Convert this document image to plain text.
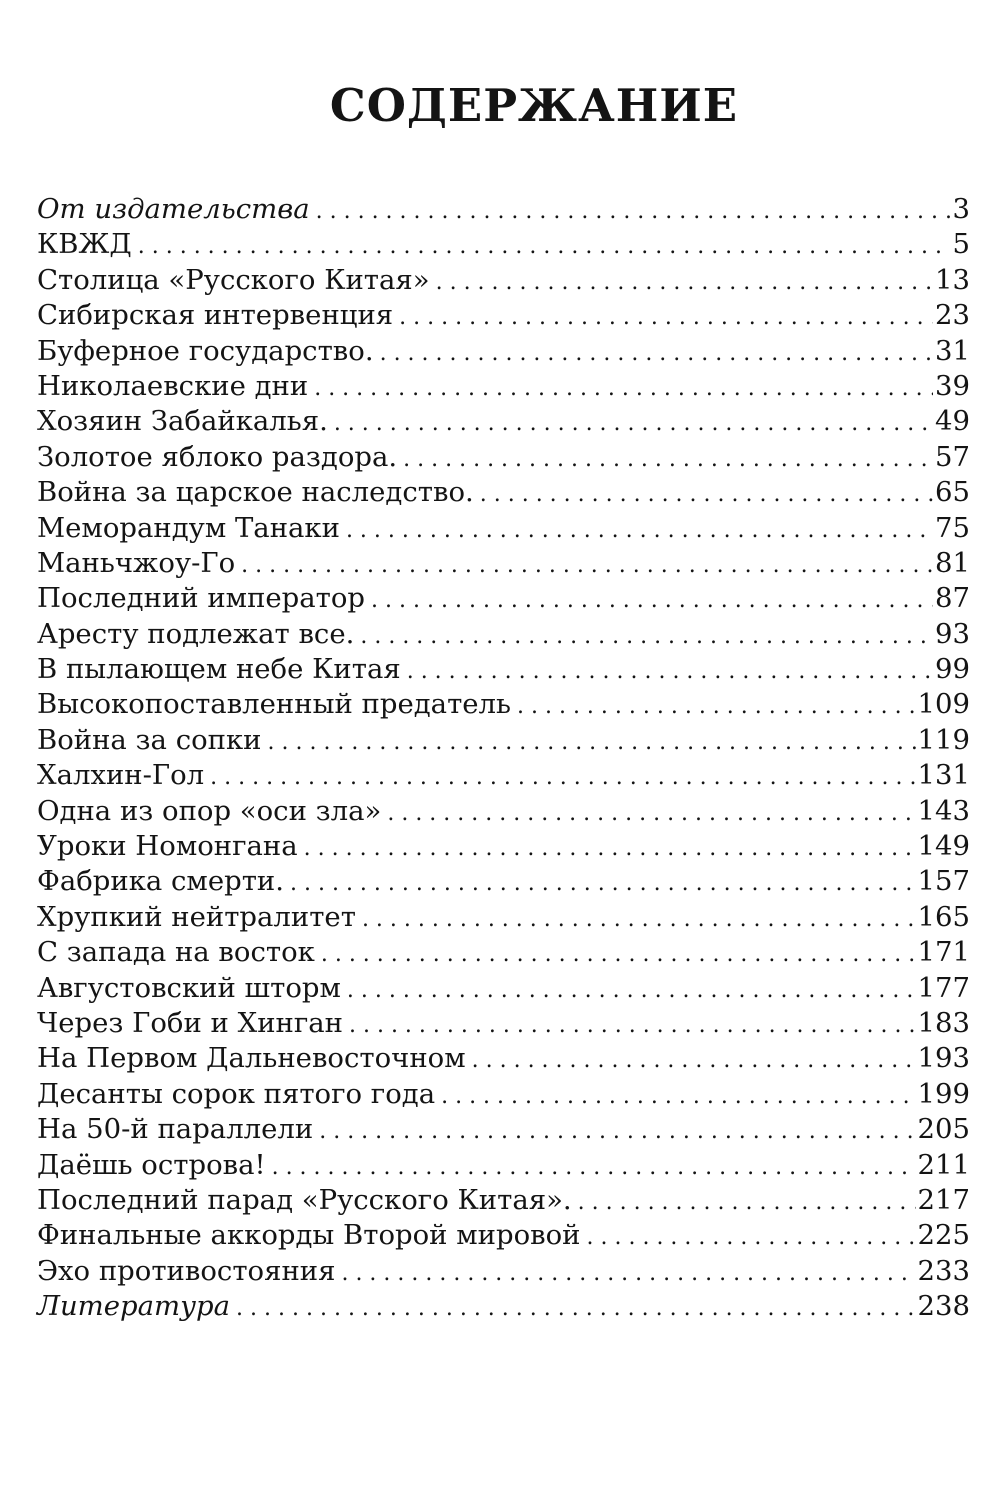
СОДЕРЖАНИЕ
От издательства . . .	3
КВЖД . . .	5
Столица «Русского Китая» . . .	13
Сибирская интервенция . . .	23
Буферное государство. . . .	31
Николаевские дни . . .	39
Хозяин Забайкалья. . . .	49
Золотое яблоко раздора. . . .	57
Война за царское наследство. . . .	65
Меморандум Танаки . . .	75
Маньчжоу-Го . . .	81
Последний император . . .	87
Аресту подлежат все. . . .	93
В пылающем небе Китая . . .	99
Высокопоставленный предатель . . .	109
Война за сопки . . .	119
Халхин-Гол . . .	131
Одна из опор «оси зла» . . .	143
Уроки Номонгана . . .	149
Фабрика смерти. . . .	157
Хрупкий нейтралитет . . .	165
С запада на восток . . .	171
Августовский шторм . . .	177
Через Гоби и Хинган . . .	183
На Первом Дальневосточном . . .	193
Десанты сорок пятого года . . .	199
На 50-й параллели . . .	205
Даёшь острова! . . .	211
Последний парад «Русского Китая». . . .	217
Финальные аккорды Второй мировой . . .	225
Эхо противостояния . . .	233
Литература . . .	238
